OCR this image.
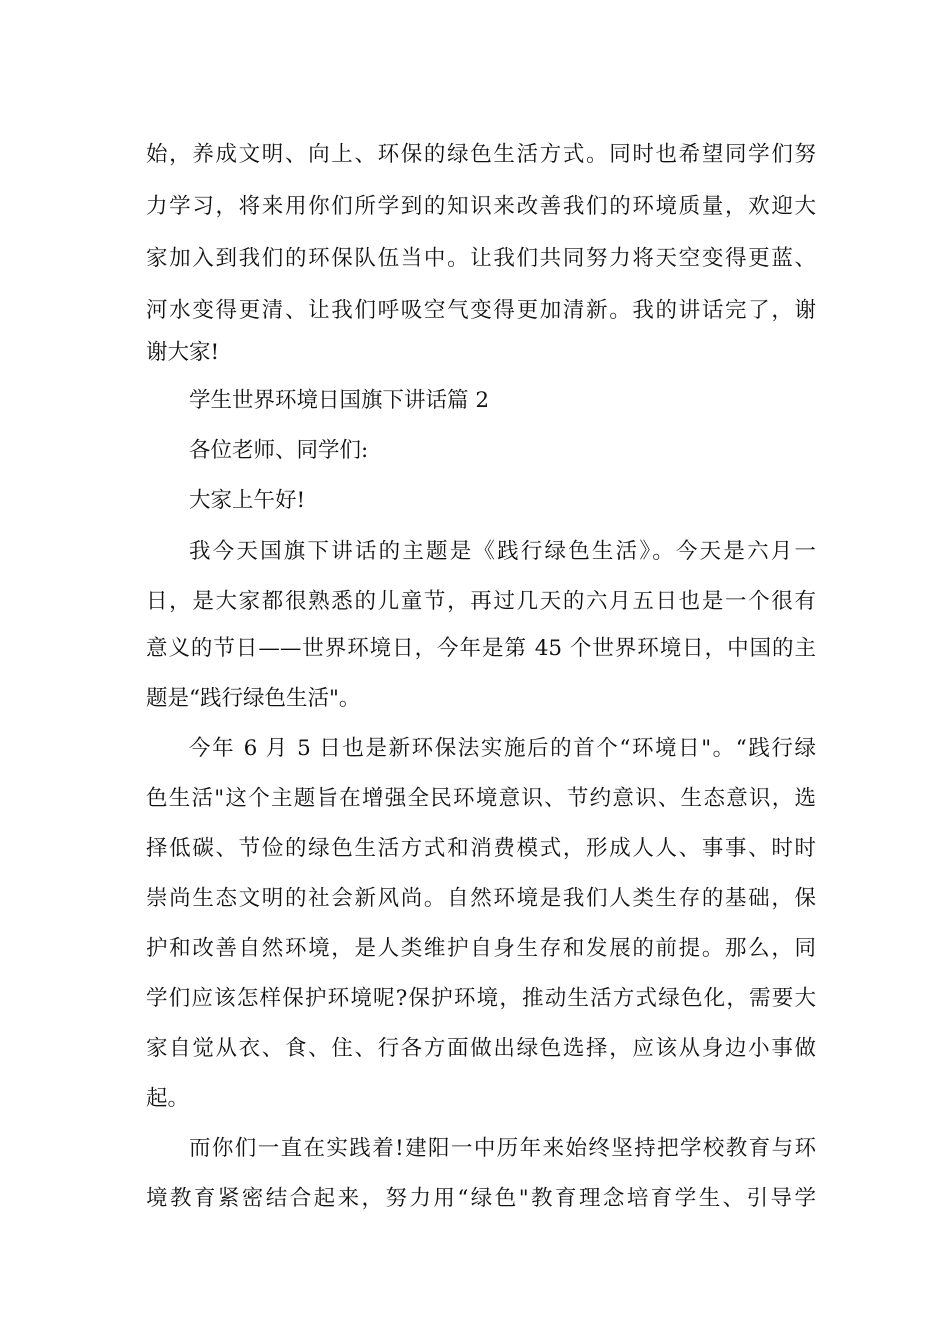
始，养成文明、向上、环保的绿色生活方式。同时也希望同学们努
力学习，将来用你们所学到的知识来改善我们的环境质量，欢迎大
家加入到我们的环保队伍当中。让我们共同努力将天空变得更蓝、
河水变得更清、让我们呼吸空气变得更加清新。我的讲话完了，谢
谢大家!
学生世界环境日国旗下讲话篇 2
各位老师、同学们:
大家上午好!
我今天国旗下讲话的主题是《践行绿色生活》。今天是六月一
日，是大家都很熟悉的儿童节，再过几天的六月五日也是一个很有
意义的节日——世界环境日，今年是第 45 个世界环境日，中国的主
题是“践行绿色生活"。
今年 6 月 5 日也是新环保法实施后的首个“环境日"。“践行绿
色生活"这个主题旨在增强全民环境意识、节约意识、生态意识，选
择低碳、节俭的绿色生活方式和消费模式，形成人人、事事、时时
崇尚生态文明的社会新风尚。自然环境是我们人类生存的基础，保
护和改善自然环境，是人类维护自身生存和发展的前提。那么，同
学们应该怎样保护环境呢?保护环境，推动生活方式绿色化，需要大
家自觉从衣、食、住、行各方面做出绿色选择，应该从身边小事做
起。
而你们一直在实践着!建阳一中历年来始终坚持把学校教育与环
境教育紧密结合起来，努力用“绿色"教育理念培育学生、引导学
